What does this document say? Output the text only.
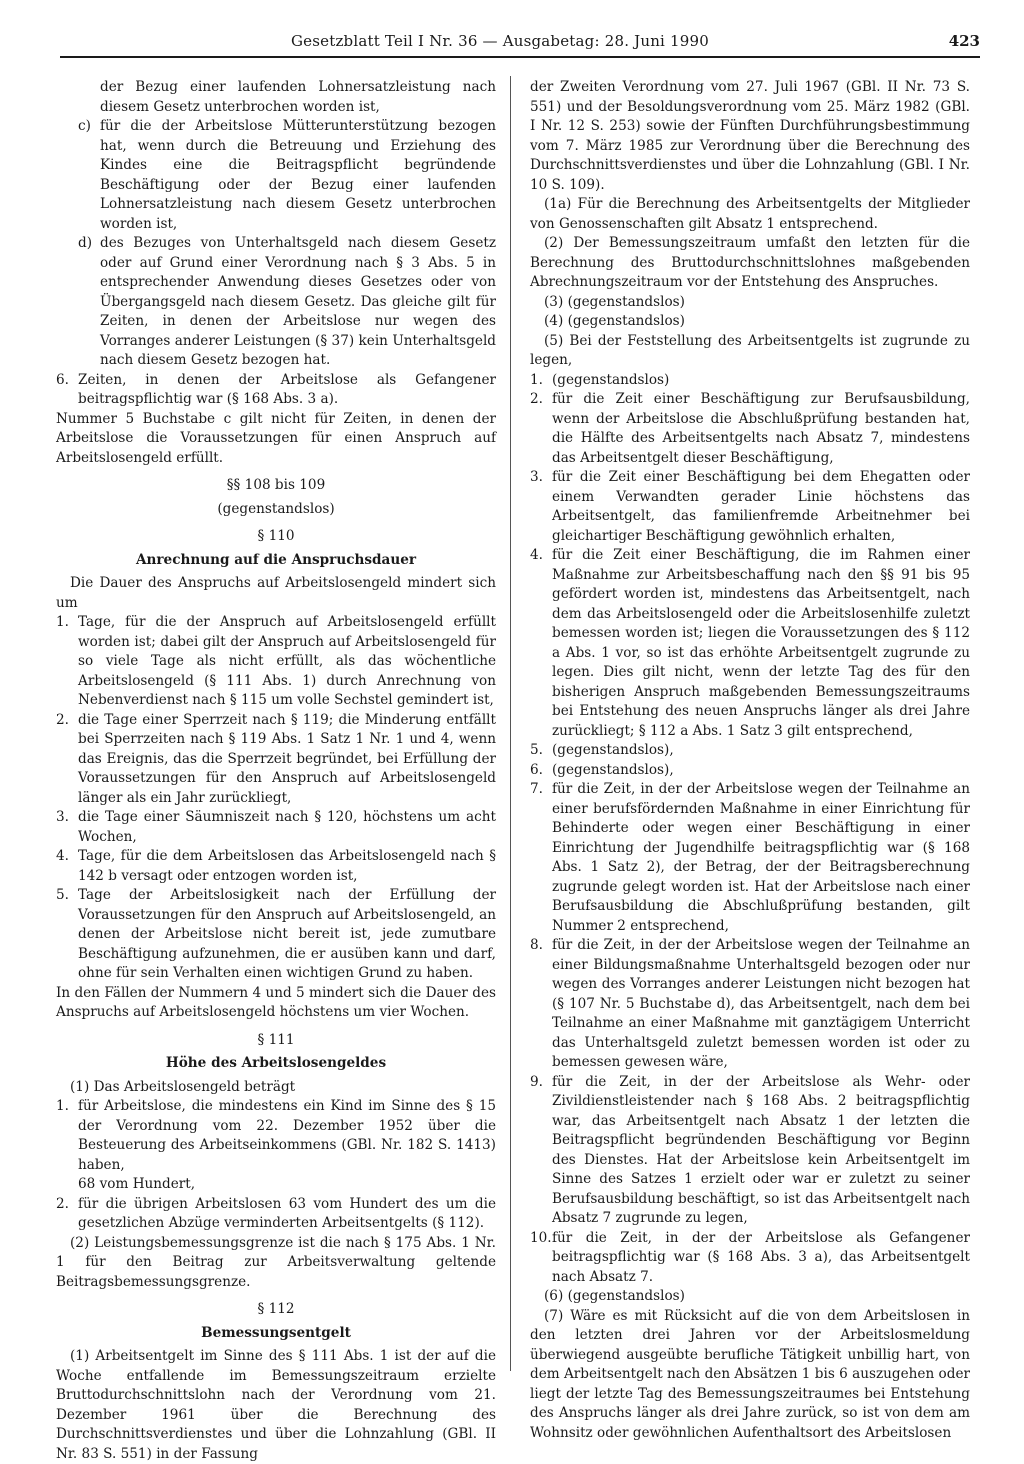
Gesetzblatt Teil I Nr. 36 — Ausgabetag: 28. Juni 1990	423

der Bezug einer laufenden Lohnersatzleistung nach diesem Gesetz unterbrochen worden ist,

c) für die der Arbeitslose Mütterunterstützung bezogen hat, wenn durch die Betreuung und Erziehung des Kindes eine die Beitragspflicht begründende Beschäftigung oder der Bezug einer laufenden Lohnersatzleistung nach diesem Gesetz unterbrochen worden ist,
d) des Bezuges von Unterhaltsgeld nach diesem Gesetz oder auf Grund einer Verordnung nach § 3 Abs. 5 in entsprechender Anwendung dieses Gesetzes oder von Übergangsgeld nach diesem Gesetz. Das gleiche gilt für Zeiten, in denen der Arbeitslose nur wegen des Vorranges anderer Leistungen (§ 37) kein Unterhaltsgeld nach diesem Gesetz bezogen hat.
6. Zeiten, in denen der Arbeitslose als Gefangener beitragspflichtig war (§ 168 Abs. 3 a).

Nummer 5 Buchstabe c gilt nicht für Zeiten, in denen der Arbeitslose die Voraussetzungen für einen Anspruch auf Arbeitslosengeld erfüllt.

§§ 108 bis 109

(gegenstandslos)

§ 110

Anrechnung auf die Anspruchsdauer

Die Dauer des Anspruchs auf Arbeitslosengeld mindert sich um

1. Tage, für die der Anspruch auf Arbeitslosengeld erfüllt worden ist; dabei gilt der Anspruch auf Arbeitslosengeld für so viele Tage als nicht erfüllt, als das wöchentliche Arbeitslosengeld (§ 111 Abs. 1) durch Anrechnung von Nebenverdienst nach § 115 um volle Sechstel gemindert ist,
2. die Tage einer Sperrzeit nach § 119; die Minderung entfällt bei Sperrzeiten nach § 119 Abs. 1 Satz 1 Nr. 1 und 4, wenn das Ereignis, das die Sperrzeit begründet, bei Erfüllung der Voraussetzungen für den Anspruch auf Arbeitslosengeld länger als ein Jahr zurückliegt,
3. die Tage einer Säumniszeit nach § 120, höchstens um acht Wochen,
4. Tage, für die dem Arbeitslosen das Arbeitslosengeld nach § 142 b versagt oder entzogen worden ist,
5. Tage der Arbeitslosigkeit nach der Erfüllung der Voraussetzungen für den Anspruch auf Arbeitslosengeld, an denen der Arbeitslose nicht bereit ist, jede zumutbare Beschäftigung aufzunehmen, die er ausüben kann und darf, ohne für sein Verhalten einen wichtigen Grund zu haben.

In den Fällen der Nummern 4 und 5 mindert sich die Dauer des Anspruchs auf Arbeitslosengeld höchstens um vier Wochen.

§ 111

Höhe des Arbeitslosengeldes

(1) Das Arbeitslosengeld beträgt

1. für Arbeitslose, die mindestens ein Kind im Sinne des § 15 der Verordnung vom 22. Dezember 1952 über die Besteuerung des Arbeitseinkommens (GBl. Nr. 182 S. 1413) haben,

68 vom Hundert,

2. für die übrigen Arbeitslosen 63 vom Hundert des um die gesetzlichen Abzüge verminderten Arbeitsentgelts (§ 112).

(2) Leistungsbemessungsgrenze ist die nach § 175 Abs. 1 Nr. 1 für den Beitrag zur Arbeitsverwaltung geltende Beitragsbemessungsgrenze.

§ 112

Bemessungsentgelt

(1) Arbeitsentgelt im Sinne des § 111 Abs. 1 ist der auf die Woche entfallende im Bemessungszeitraum erzielte Bruttodurchschnittslohn nach der Verordnung vom 21. Dezember 1961 über die Berechnung des Durchschnittsverdienstes und über die Lohnzahlung (GBl. II Nr. 83 S. 551) in der Fassung

der Zweiten Verordnung vom 27. Juli 1967 (GBl. II Nr. 73 S. 551) und der Besoldungsverordnung vom 25. März 1982 (GBl. I Nr. 12 S. 253) sowie der Fünften Durchführungsbestimmung vom 7. März 1985 zur Verordnung über die Berechnung des Durchschnittsverdienstes und über die Lohnzahlung (GBl. I Nr. 10 S. 109).

(1a) Für die Berechnung des Arbeitsentgelts der Mitglieder von Genossenschaften gilt Absatz 1 entsprechend.

(2) Der Bemessungszeitraum umfaßt den letzten für die Berechnung des Bruttodurchschnittslohnes maßgebenden Abrechnungszeitraum vor der Entstehung des Anspruches.

(3) (gegenstandslos)

(4) (gegenstandslos)

(5) Bei der Feststellung des Arbeitsentgelts ist zugrunde zu legen,

1. (gegenstandslos)
2. für die Zeit einer Beschäftigung zur Berufsausbildung, wenn der Arbeitslose die Abschlußprüfung bestanden hat, die Hälfte des Arbeitsentgelts nach Absatz 7, mindestens das Arbeitsentgelt dieser Beschäftigung,
3. für die Zeit einer Beschäftigung bei dem Ehegatten oder einem Verwandten gerader Linie höchstens das Arbeitsentgelt, das familienfremde Arbeitnehmer bei gleichartiger Beschäftigung gewöhnlich erhalten,
4. für die Zeit einer Beschäftigung, die im Rahmen einer Maßnahme zur Arbeitsbeschaffung nach den §§ 91 bis 95 gefördert worden ist, mindestens das Arbeitsentgelt, nach dem das Arbeitslosengeld oder die Arbeitslosenhilfe zuletzt bemessen worden ist; liegen die Voraussetzungen des § 112 a Abs. 1 vor, so ist das erhöhte Arbeitsentgelt zugrunde zu legen. Dies gilt nicht, wenn der letzte Tag des für den bisherigen Anspruch maßgebenden Bemessungszeitraums bei Entstehung des neuen Anspruchs länger als drei Jahre zurückliegt; § 112 a Abs. 1 Satz 3 gilt entsprechend,
5. (gegenstandslos),
6. (gegenstandslos),
7. für die Zeit, in der der Arbeitslose wegen der Teilnahme an einer berufsfördernden Maßnahme in einer Einrichtung für Behinderte oder wegen einer Beschäftigung in einer Einrichtung der Jugendhilfe beitragspflichtig war (§ 168 Abs. 1 Satz 2), der Betrag, der der Beitragsberechnung zugrunde gelegt worden ist. Hat der Arbeitslose nach einer Berufsausbildung die Abschlußprüfung bestanden, gilt Nummer 2 entsprechend,
8. für die Zeit, in der der Arbeitslose wegen der Teilnahme an einer Bildungsmaßnahme Unterhaltsgeld bezogen oder nur wegen des Vorranges anderer Leistungen nicht bezogen hat (§ 107 Nr. 5 Buchstabe d), das Arbeitsentgelt, nach dem bei Teilnahme an einer Maßnahme mit ganztägigem Unterricht das Unterhaltsgeld zuletzt bemessen worden ist oder zu bemessen gewesen wäre,
9. für die Zeit, in der der Arbeitslose als Wehr- oder Zivildienstleistender nach § 168 Abs. 2 beitragspflichtig war, das Arbeitsentgelt nach Absatz 1 der letzten die Beitragspflicht begründenden Beschäftigung vor Beginn des Dienstes. Hat der Arbeitslose kein Arbeitsentgelt im Sinne des Satzes 1 erzielt oder war er zuletzt zu seiner Berufsausbildung beschäftigt, so ist das Arbeitsentgelt nach Absatz 7 zugrunde zu legen,
10. für die Zeit, in der der Arbeitslose als Gefangener beitragspflichtig war (§ 168 Abs. 3 a), das Arbeitsentgelt nach Absatz 7.

(6) (gegenstandslos)

(7) Wäre es mit Rücksicht auf die von dem Arbeitslosen in den letzten drei Jahren vor der Arbeitslosmeldung überwiegend ausgeübte berufliche Tätigkeit unbillig hart, von dem Arbeitsentgelt nach den Absätzen 1 bis 6 auszugehen oder liegt der letzte Tag des Bemessungszeitraumes bei Entstehung des Anspruchs länger als drei Jahre zurück, so ist von dem am Wohnsitz oder gewöhnlichen Aufenthaltsort des Arbeitslosen
